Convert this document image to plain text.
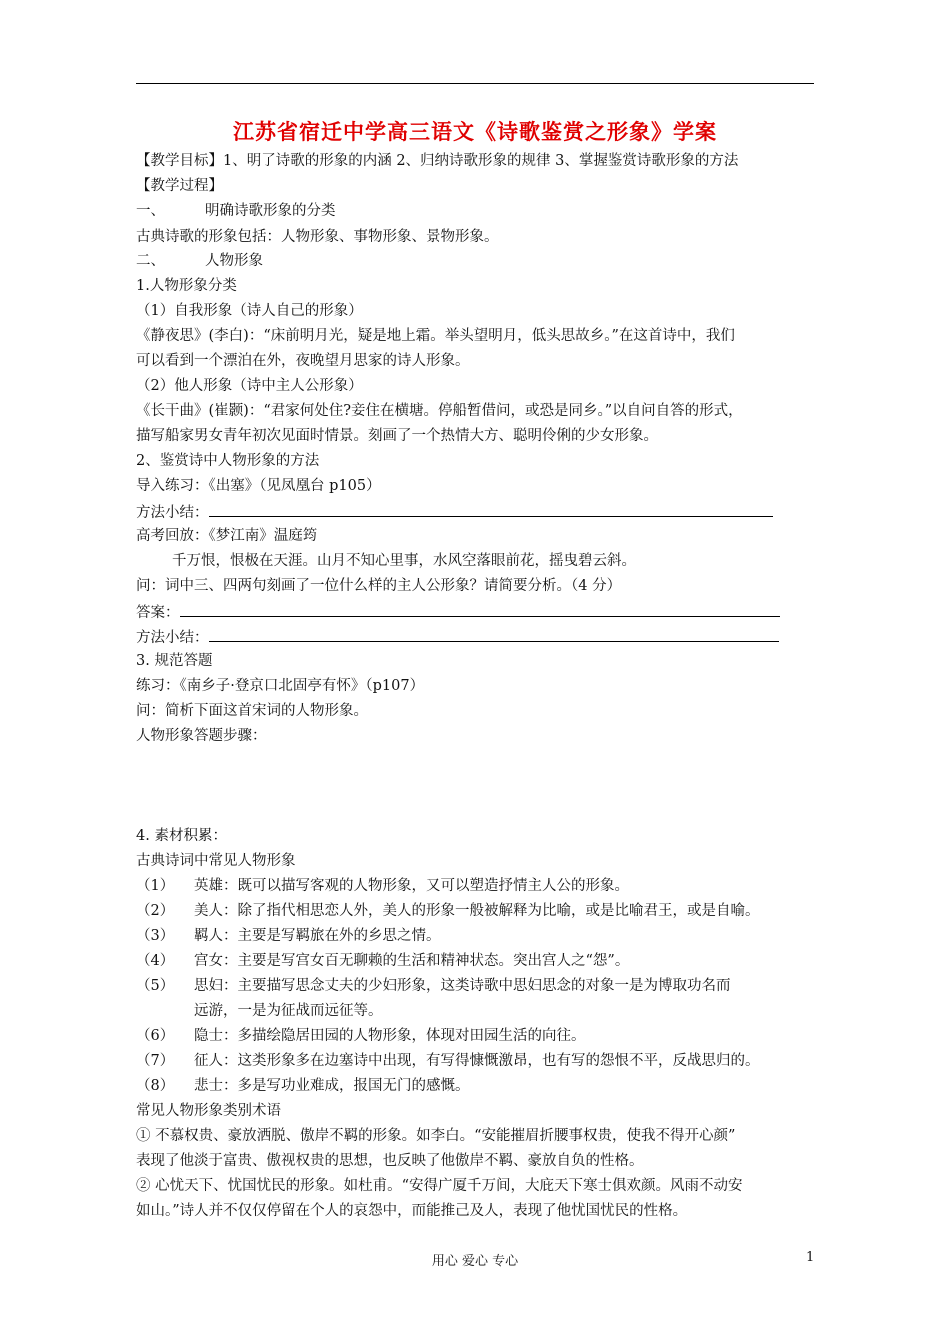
江苏省宿迁中学高三语文《诗歌鉴赏之形象》学案
【教学目标】1、明了诗歌的形象的内涵 2、归纳诗歌形象的规律 3、掌握鉴赏诗歌形象的方法
【教学过程】
一、	明确诗歌形象的分类
古典诗歌的形象包括：人物形象、事物形象、景物形象。
二、	人物形象
1.人物形象分类
（1）自我形象（诗人自己的形象）
《静夜思》(李白)：“床前明月光，疑是地上霜。举头望明月，低头思故乡。”在这首诗中，我们
可以看到一个漂泊在外，夜晚望月思家的诗人形象。
（2）他人形象（诗中主人公形象）
《长干曲》(崔颢)：“君家何处住?妾住在横塘。停船暂借问，或恐是同乡。”以自问自答的形式，
描写船家男女青年初次见面时情景。刻画了一个热情大方、聪明伶俐的少女形象。
2、鉴赏诗中人物形象的方法
导入练习：《出塞》（见凤凰台 p105）
方法小结：
高考回放：《梦江南》温庭筠
千万恨，恨极在天涯。山月不知心里事，水风空落眼前花，摇曳碧云斜。
问：词中三、四两句刻画了一位什么样的主人公形象？请简要分析。（4 分）
答案：
方法小结：
3. 规范答题
练习：《南乡子·登京口北固亭有怀》（p107）
问：简析下面这首宋词的人物形象。
人物形象答题步骤：
4. 素材积累：
古典诗词中常见人物形象
（1） 英雄：既可以描写客观的人物形象，又可以塑造抒情主人公的形象。
（2） 美人：除了指代相思恋人外，美人的形象一般被解释为比喻，或是比喻君王，或是自喻。
（3） 羁人：主要是写羁旅在外的乡思之情。
（4） 宫女：主要是写宫女百无聊赖的生活和精神状态。突出宫人之“怨”。
（5） 思妇：主要描写思念丈夫的少妇形象，这类诗歌中思妇思念的对象一是为博取功名而
远游，一是为征战而远征等。
（6） 隐士：多描绘隐居田园的人物形象，体现对田园生活的向往。
（7） 征人：这类形象多在边塞诗中出现，有写得慷慨激昂，也有写的怨恨不平，反战思归的。
（8） 悲士：多是写功业难成，报国无门的感慨。
常见人物形象类别术语
① 不慕权贵、豪放洒脱、傲岸不羁的形象。如李白。“安能摧眉折腰事权贵，使我不得开心颜”
表现了他淡于富贵、傲视权贵的思想，也反映了他傲岸不羁、豪放自负的性格。
② 心忧天下、忧国忧民的形象。如杜甫。“安得广厦千万间，大庇天下寒士俱欢颜。风雨不动安
如山。”诗人并不仅仅停留在个人的哀怨中，而能推己及人，表现了他忧国忧民的性格。
用心 爱心 专心	1
